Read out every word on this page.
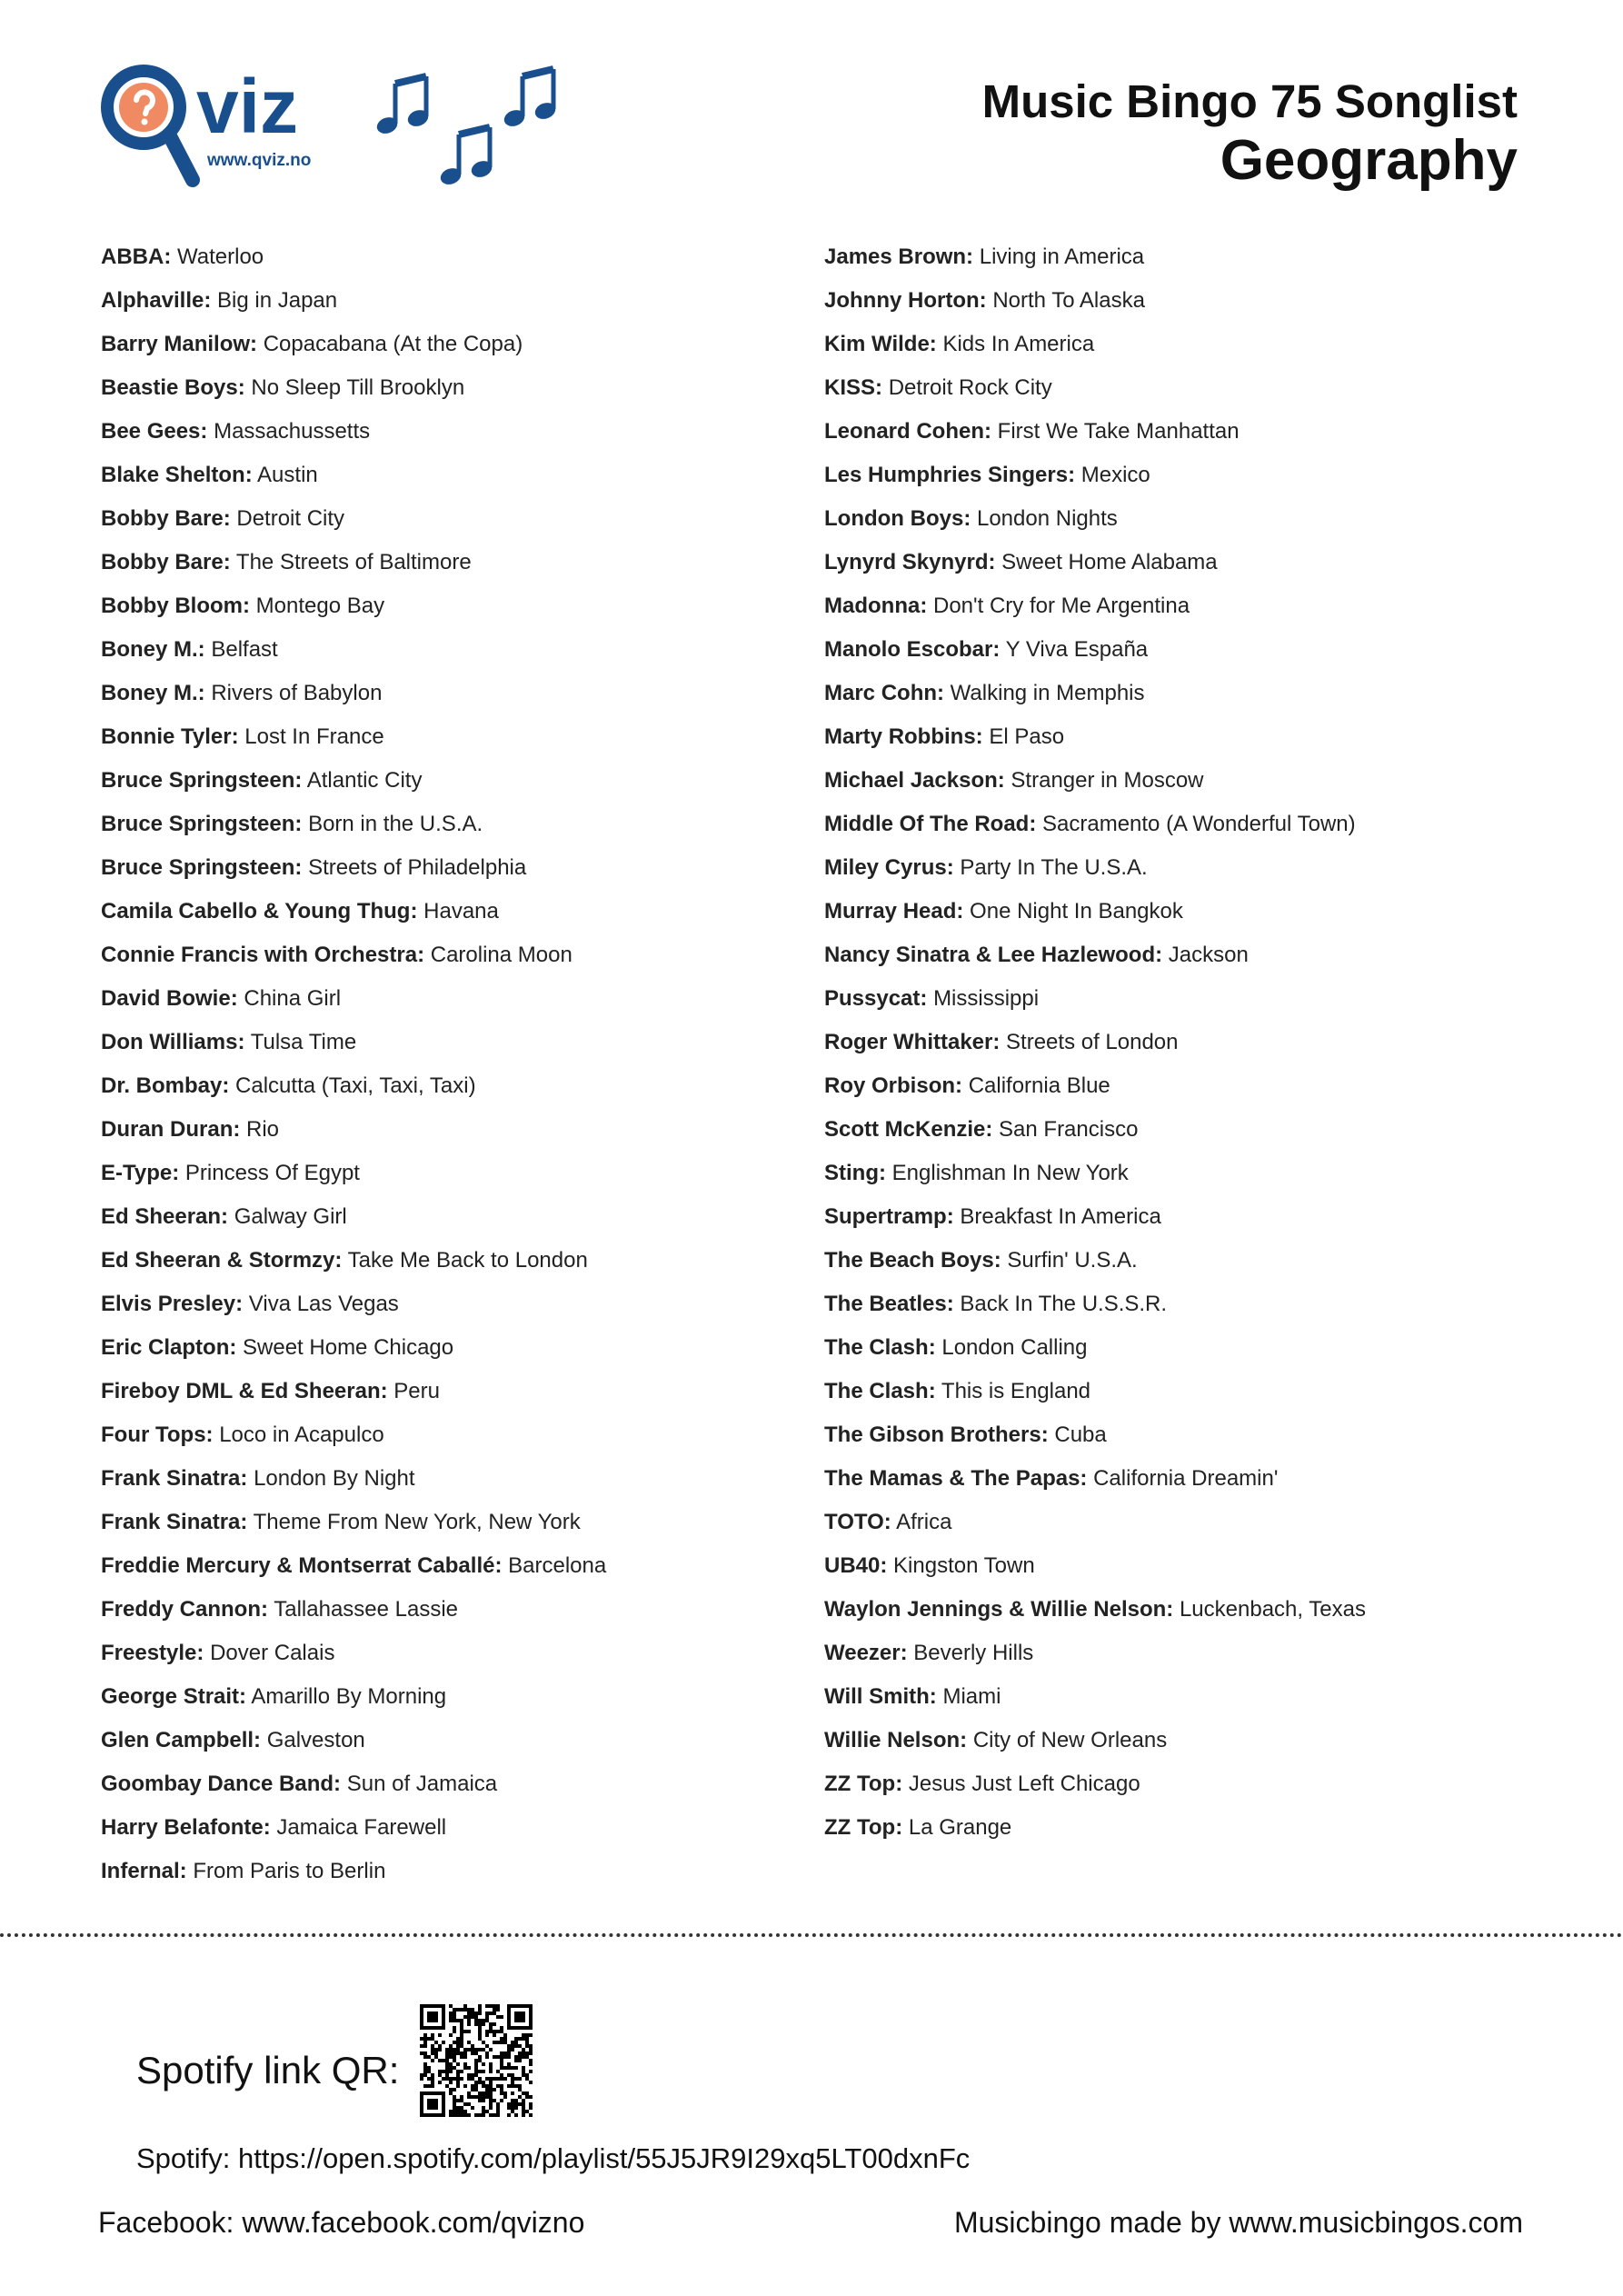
viz
www.qviz.no
Music Bingo 75 Songlist
Geography
ABBA: Waterloo
Alphaville: Big in Japan
Barry Manilow: Copacabana (At the Copa)
Beastie Boys: No Sleep Till Brooklyn
Bee Gees: Massachussetts
Blake Shelton: Austin
Bobby Bare: Detroit City
Bobby Bare: The Streets of Baltimore
Bobby Bloom: Montego Bay
Boney M.: Belfast
Boney M.: Rivers of Babylon
Bonnie Tyler: Lost In France
Bruce Springsteen: Atlantic City
Bruce Springsteen: Born in the U.S.A.
Bruce Springsteen: Streets of Philadelphia
Camila Cabello & Young Thug: Havana
Connie Francis with Orchestra: Carolina Moon
David Bowie: China Girl
Don Williams: Tulsa Time
Dr. Bombay: Calcutta (Taxi, Taxi, Taxi)
Duran Duran: Rio
E-Type: Princess Of Egypt
Ed Sheeran: Galway Girl
Ed Sheeran & Stormzy: Take Me Back to London
Elvis Presley: Viva Las Vegas
Eric Clapton: Sweet Home Chicago
Fireboy DML & Ed Sheeran: Peru
Four Tops: Loco in Acapulco
Frank Sinatra: London By Night
Frank Sinatra: Theme From New York, New York
Freddie Mercury & Montserrat Caballé: Barcelona
Freddy Cannon: Tallahassee Lassie
Freestyle: Dover Calais
George Strait: Amarillo By Morning
Glen Campbell: Galveston
Goombay Dance Band: Sun of Jamaica
Harry Belafonte: Jamaica Farewell
Infernal: From Paris to Berlin
James Brown: Living in America
Johnny Horton: North To Alaska
Kim Wilde: Kids In America
KISS: Detroit Rock City
Leonard Cohen: First We Take Manhattan
Les Humphries Singers: Mexico
London Boys: London Nights
Lynyrd Skynyrd: Sweet Home Alabama
Madonna: Don't Cry for Me Argentina
Manolo Escobar: Y Viva España
Marc Cohn: Walking in Memphis
Marty Robbins: El Paso
Michael Jackson: Stranger in Moscow
Middle Of The Road: Sacramento (A Wonderful Town)
Miley Cyrus: Party In The U.S.A.
Murray Head: One Night In Bangkok
Nancy Sinatra & Lee Hazlewood: Jackson
Pussycat: Mississippi
Roger Whittaker: Streets of London
Roy Orbison: California Blue
Scott McKenzie: San Francisco
Sting: Englishman In New York
Supertramp: Breakfast In America
The Beach Boys: Surfin' U.S.A.
The Beatles: Back In The U.S.S.R.
The Clash: London Calling
The Clash: This is England
The Gibson Brothers: Cuba
The Mamas & The Papas: California Dreamin'
TOTO: Africa
UB40: Kingston Town
Waylon Jennings & Willie Nelson: Luckenbach, Texas
Weezer: Beverly Hills
Will Smith: Miami
Willie Nelson: City of New Orleans
ZZ Top: Jesus Just Left Chicago
ZZ Top: La Grange
Spotify link QR:
Spotify: https://open.spotify.com/playlist/55J5JR9I29xq5LT00dxnFc
Facebook: www.facebook.com/qvizno	Musicbingo made by www.musicbingos.com
